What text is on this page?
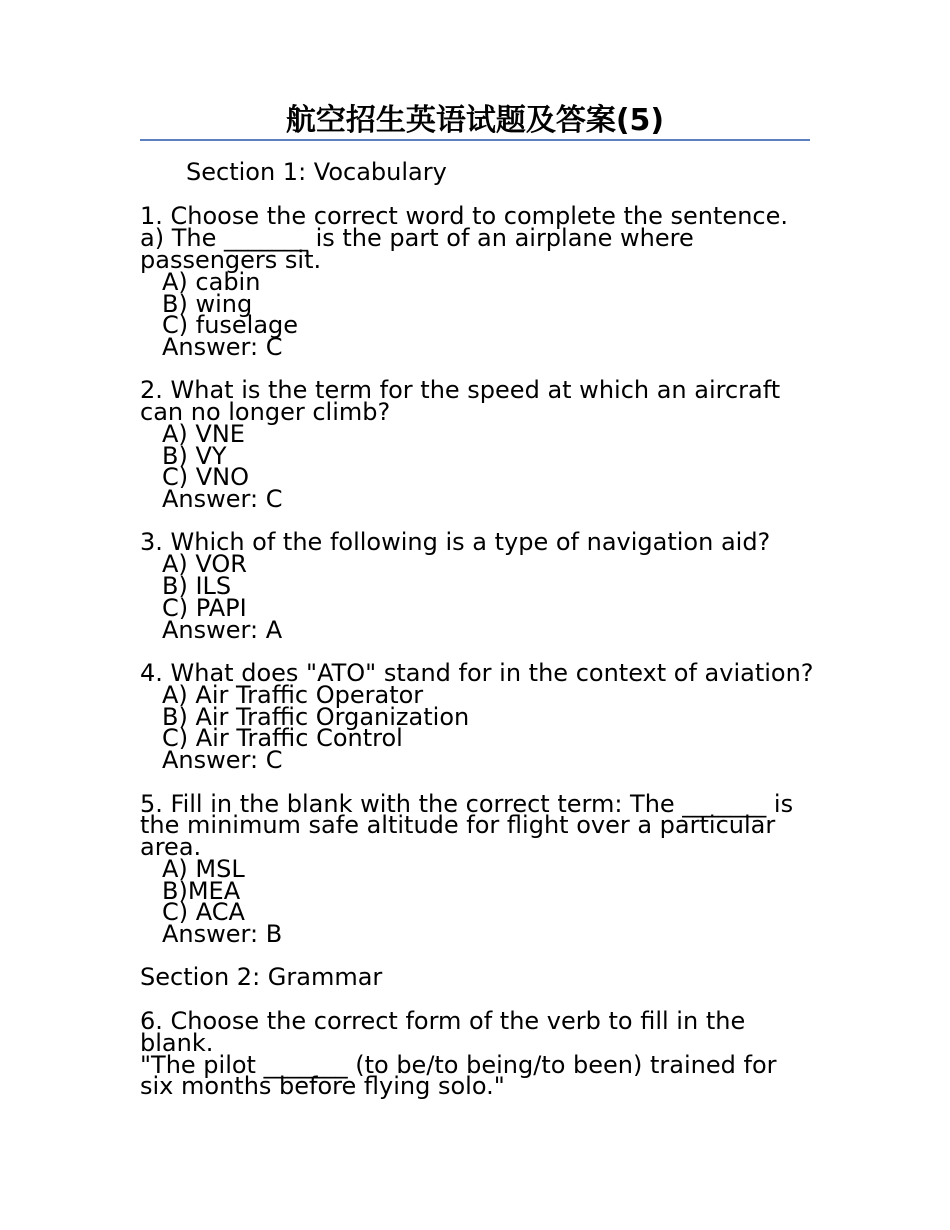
航空招生英语试题及答案(5)
Section 1: Vocabulary
1. Choose the correct word to complete the sentence.
a) The _______ is the part of an airplane where
passengers sit.
A) cabin
B) wing
C) fuselage
Answer: C
2. What is the term for the speed at which an aircraft
can no longer climb?
A) VNE
B) VY
C) VNO
Answer: C
3. Which of the following is a type of navigation aid?
A) VOR
B) ILS
C) PAPI
Answer: A
4. What does "ATO" stand for in the context of aviation?
A) Air Traffic Operator
B) Air Traffic Organization
C) Air Traffic Control
Answer: C
5. Fill in the blank with the correct term: The _______ is
the minimum safe altitude for flight over a particular
area.
A) MSL
B)MEA
C) ACA
Answer: B
Section 2: Grammar
6. Choose the correct form of the verb to fill in the
blank.
"The pilot _______ (to be/to being/to been) trained for
six months before flying solo."
